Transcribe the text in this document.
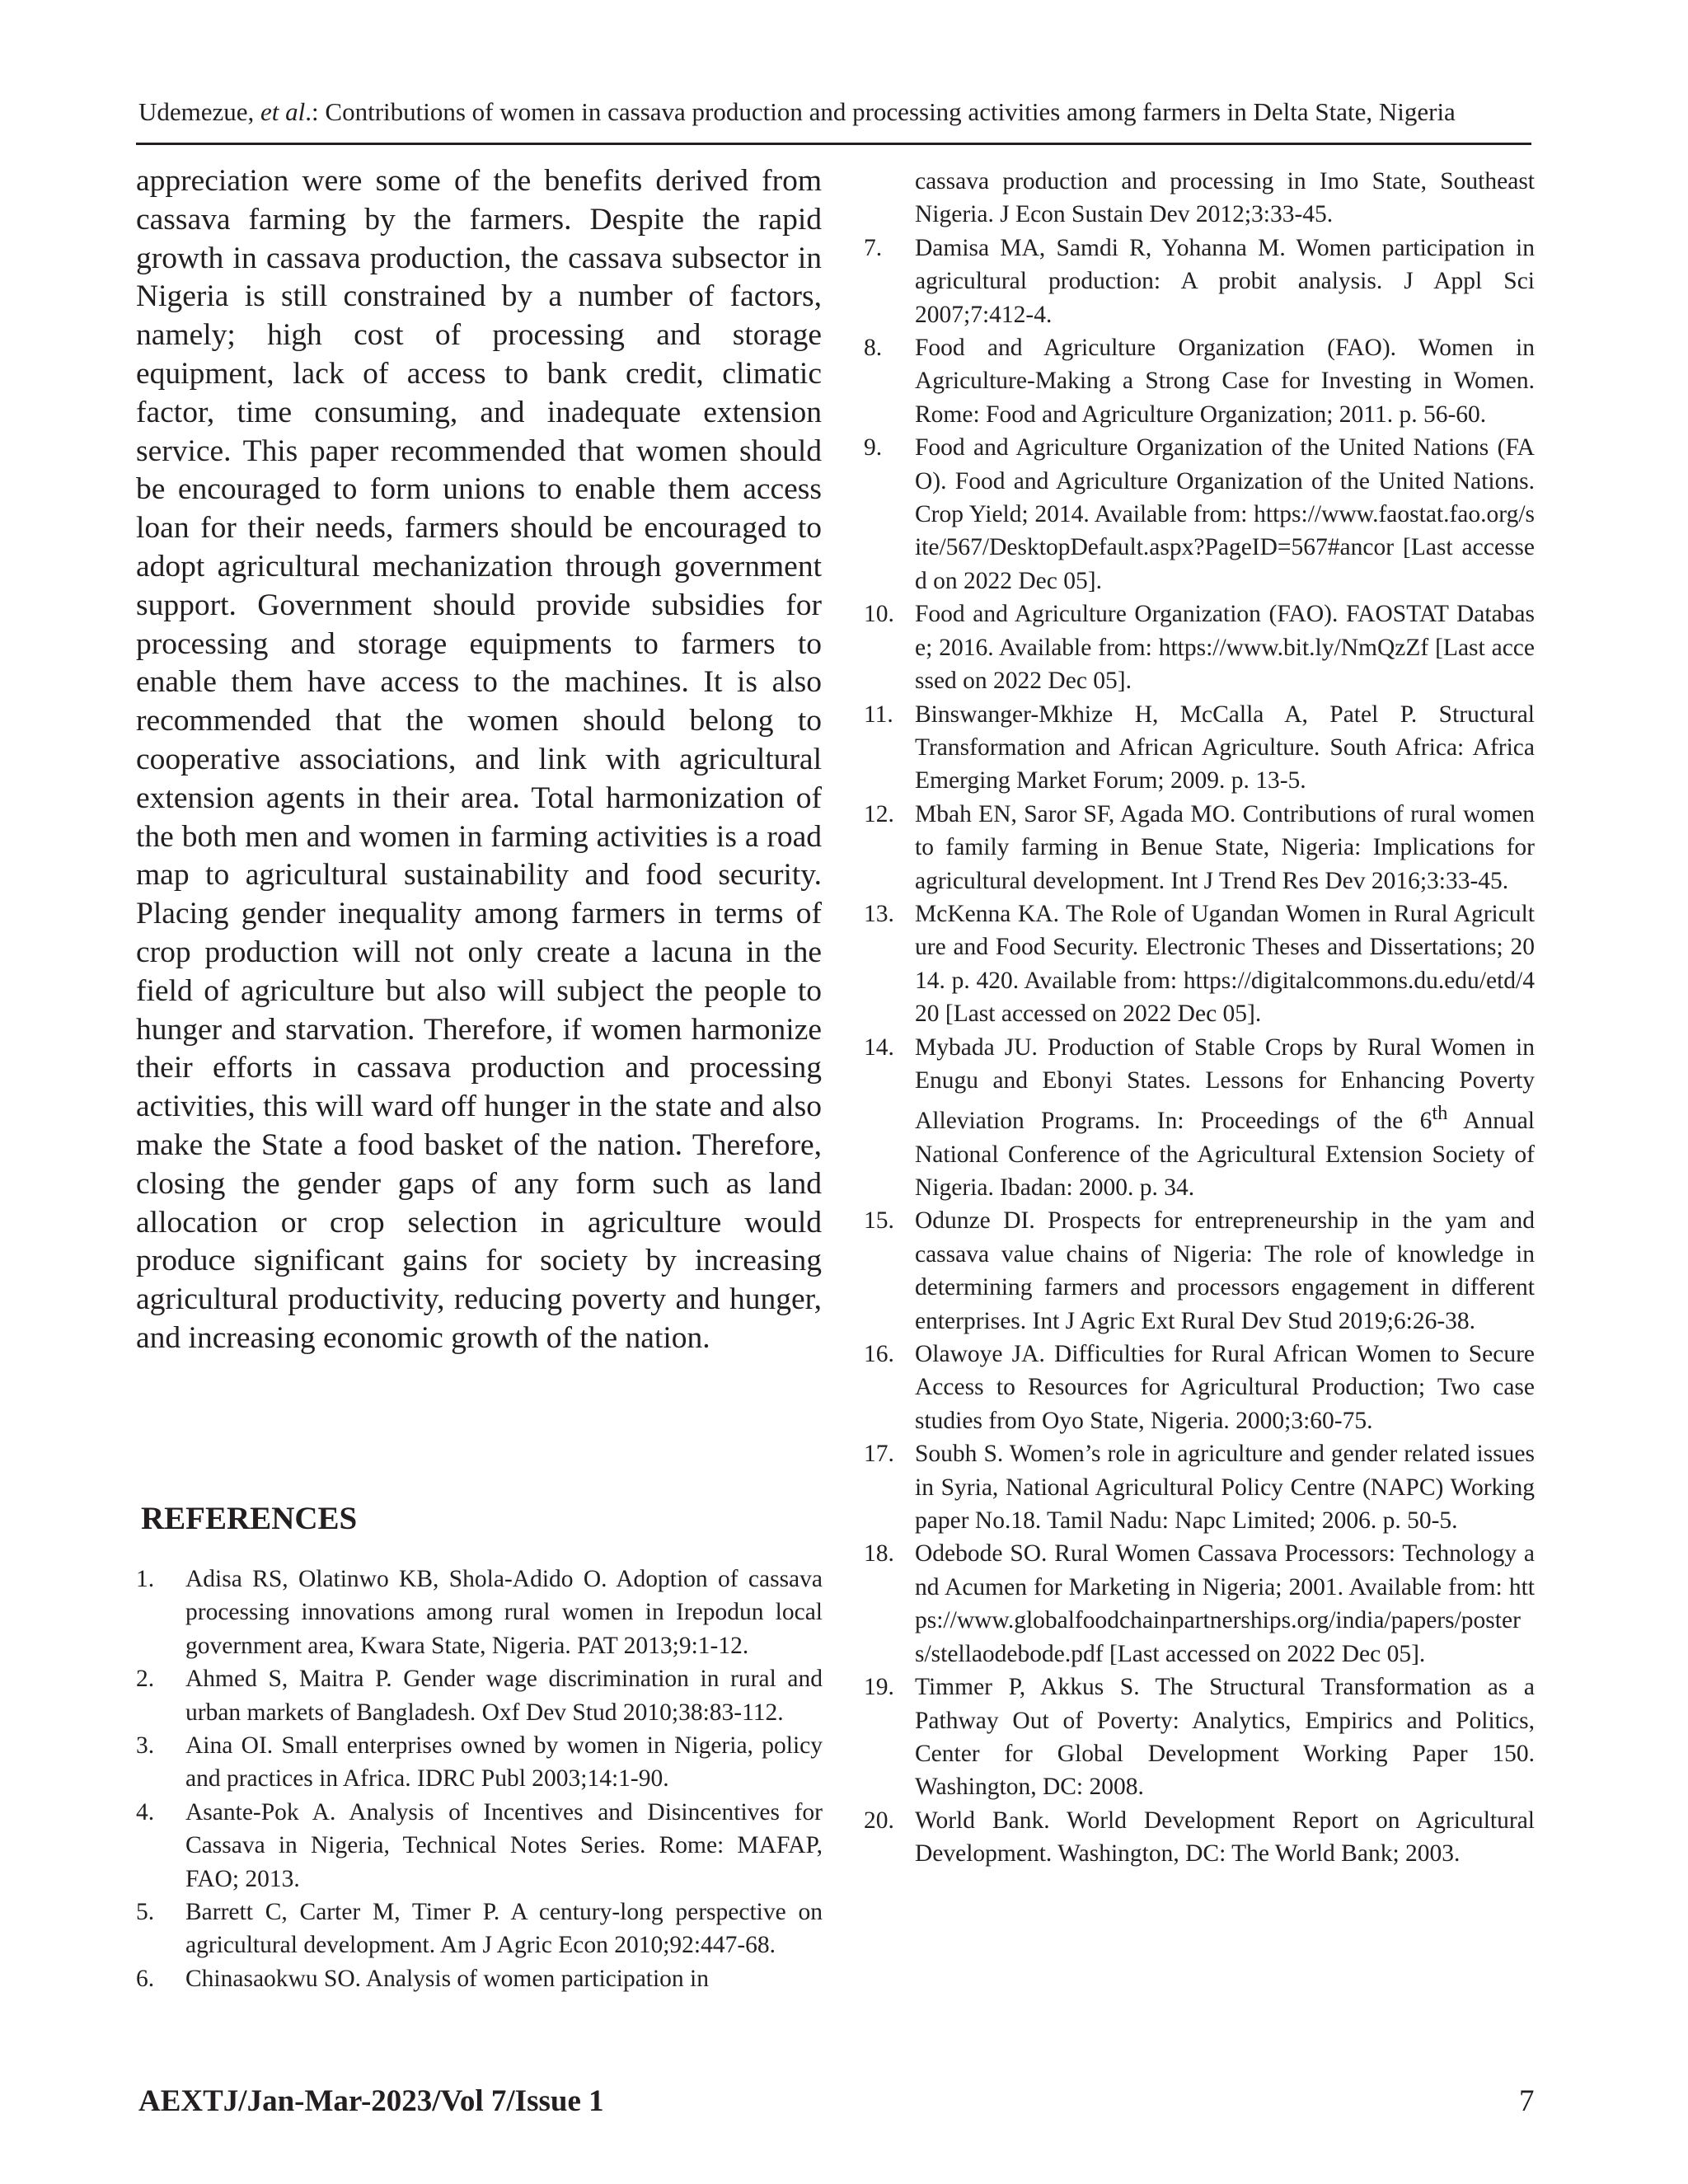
Udemezue, et al.: Contributions of women in cassava production and processing activities among farmers in Delta State, Nigeria

appreciation were some of the benefits derived from cassava farming by the farmers. Despite the rapid growth in cassava production, the cassava subsector in Nigeria is still constrained by a number of factors, namely; high cost of processing and storage equipment, lack of access to bank credit, climatic factor, time consuming, and inadequate extension service. This paper recommended that women should be encouraged to form unions to enable them access loan for their needs, farmers should be encouraged to adopt agricultural mechanization through government support. Government should provide subsidies for processing and storage equipments to farmers to enable them have access to the machines. It is also recommended that the women should belong to cooperative associations, and link with agricultural extension agents in their area. Total harmonization of the both men and women in farming activities is a road map to agricultural sustainability and food security. Placing gender inequality among farmers in terms of crop production will not only create a lacuna in the field of agriculture but also will subject the people to hunger and starvation. Therefore, if women harmonize their efforts in cassava production and processing activities, this will ward off hunger in the state and also make the State a food basket of the nation. Therefore, closing the gender gaps of any form such as land allocation or crop selection in agriculture would produce significant gains for society by increasing agricultural productivity, reducing poverty and hunger, and increasing economic growth of the nation.

REFERENCES
1. Adisa RS, Olatinwo KB, Shola-Adido O. Adoption of cassava processing innovations among rural women in Irepodun local government area, Kwara State, Nigeria. PAT 2013;9:1-12.
2. Ahmed S, Maitra P. Gender wage discrimination in rural and urban markets of Bangladesh. Oxf Dev Stud 2010;38:83-112.
3. Aina OI. Small enterprises owned by women in Nigeria, policy and practices in Africa. IDRC Publ 2003;14:1-90.
4. Asante-Pok A. Analysis of Incentives and Disincentives for Cassava in Nigeria, Technical Notes Series. Rome: MAFAP, FAO; 2013.
5. Barrett C, Carter M, Timer P. A century-long perspective on agricultural development. Am J Agric Econ 2010;92:447-68.
6. Chinasaokwu SO. Analysis of women participation in
cassava production and processing in Imo State, Southeast Nigeria. J Econ Sustain Dev 2012;3:33-45.
7. Damisa MA, Samdi R, Yohanna M. Women participation in agricultural production: A probit analysis. J Appl Sci 2007;7:412-4.
8. Food and Agriculture Organization (FAO). Women in Agriculture-Making a Strong Case for Investing in Women. Rome: Food and Agriculture Organization; 2011. p. 56-60.
9. Food and Agriculture Organization of the United Nations (FAO). Food and Agriculture Organization of the United Nations. Crop Yield; 2014. Available from: https://www.faostat.fao.org/site/567/DesktopDefault.aspx?PageID=567#ancor [Last accessed on 2022 Dec 05].
10. Food and Agriculture Organization (FAO). FAOSTAT Database; 2016. Available from: https://www.bit.ly/NmQzZf [Last accessed on 2022 Dec 05].
11. Binswanger-Mkhize H, McCalla A, Patel P. Structural Transformation and African Agriculture. South Africa: Africa Emerging Market Forum; 2009. p. 13-5.
12. Mbah EN, Saror SF, Agada MO. Contributions of rural women to family farming in Benue State, Nigeria: Implications for agricultural development. Int J Trend Res Dev 2016;3:33-45.
13. McKenna KA. The Role of Ugandan Women in Rural Agriculture and Food Security. Electronic Theses and Dissertations; 2014. p. 420. Available from: https://digitalcommons.du.edu/etd/420 [Last accessed on 2022 Dec 05].
14. Mybada JU. Production of Stable Crops by Rural Women in Enugu and Ebonyi States. Lessons for Enhancing Poverty Alleviation Programs. In: Proceedings of the 6th Annual National Conference of the Agricultural Extension Society of Nigeria. Ibadan: 2000. p. 34.
15. Odunze DI. Prospects for entrepreneurship in the yam and cassava value chains of Nigeria: The role of knowledge in determining farmers and processors engagement in different enterprises. Int J Agric Ext Rural Dev Stud 2019;6:26-38.
16. Olawoye JA. Difficulties for Rural African Women to Secure Access to Resources for Agricultural Production; Two case studies from Oyo State, Nigeria. 2000;3:60-75.
17. Soubh S. Women’s role in agriculture and gender related issues in Syria, National Agricultural Policy Centre (NAPC) Working paper No.18. Tamil Nadu: Napc Limited; 2006. p. 50-5.
18. Odebode SO. Rural Women Cassava Processors: Technology and Acumen for Marketing in Nigeria; 2001. Available from: https://www.globalfoodchainpartnerships.org/india/papers/posters/stellaodebode.pdf [Last accessed on 2022 Dec 05].
19. Timmer P, Akkus S. The Structural Transformation as a Pathway Out of Poverty: Analytics, Empirics and Politics, Center for Global Development Working Paper 150. Washington, DC: 2008.
20. World Bank. World Development Report on Agricultural Development. Washington, DC: The World Bank; 2003.
AEXTJ/Jan-Mar-2023/Vol 7/Issue 1	7
